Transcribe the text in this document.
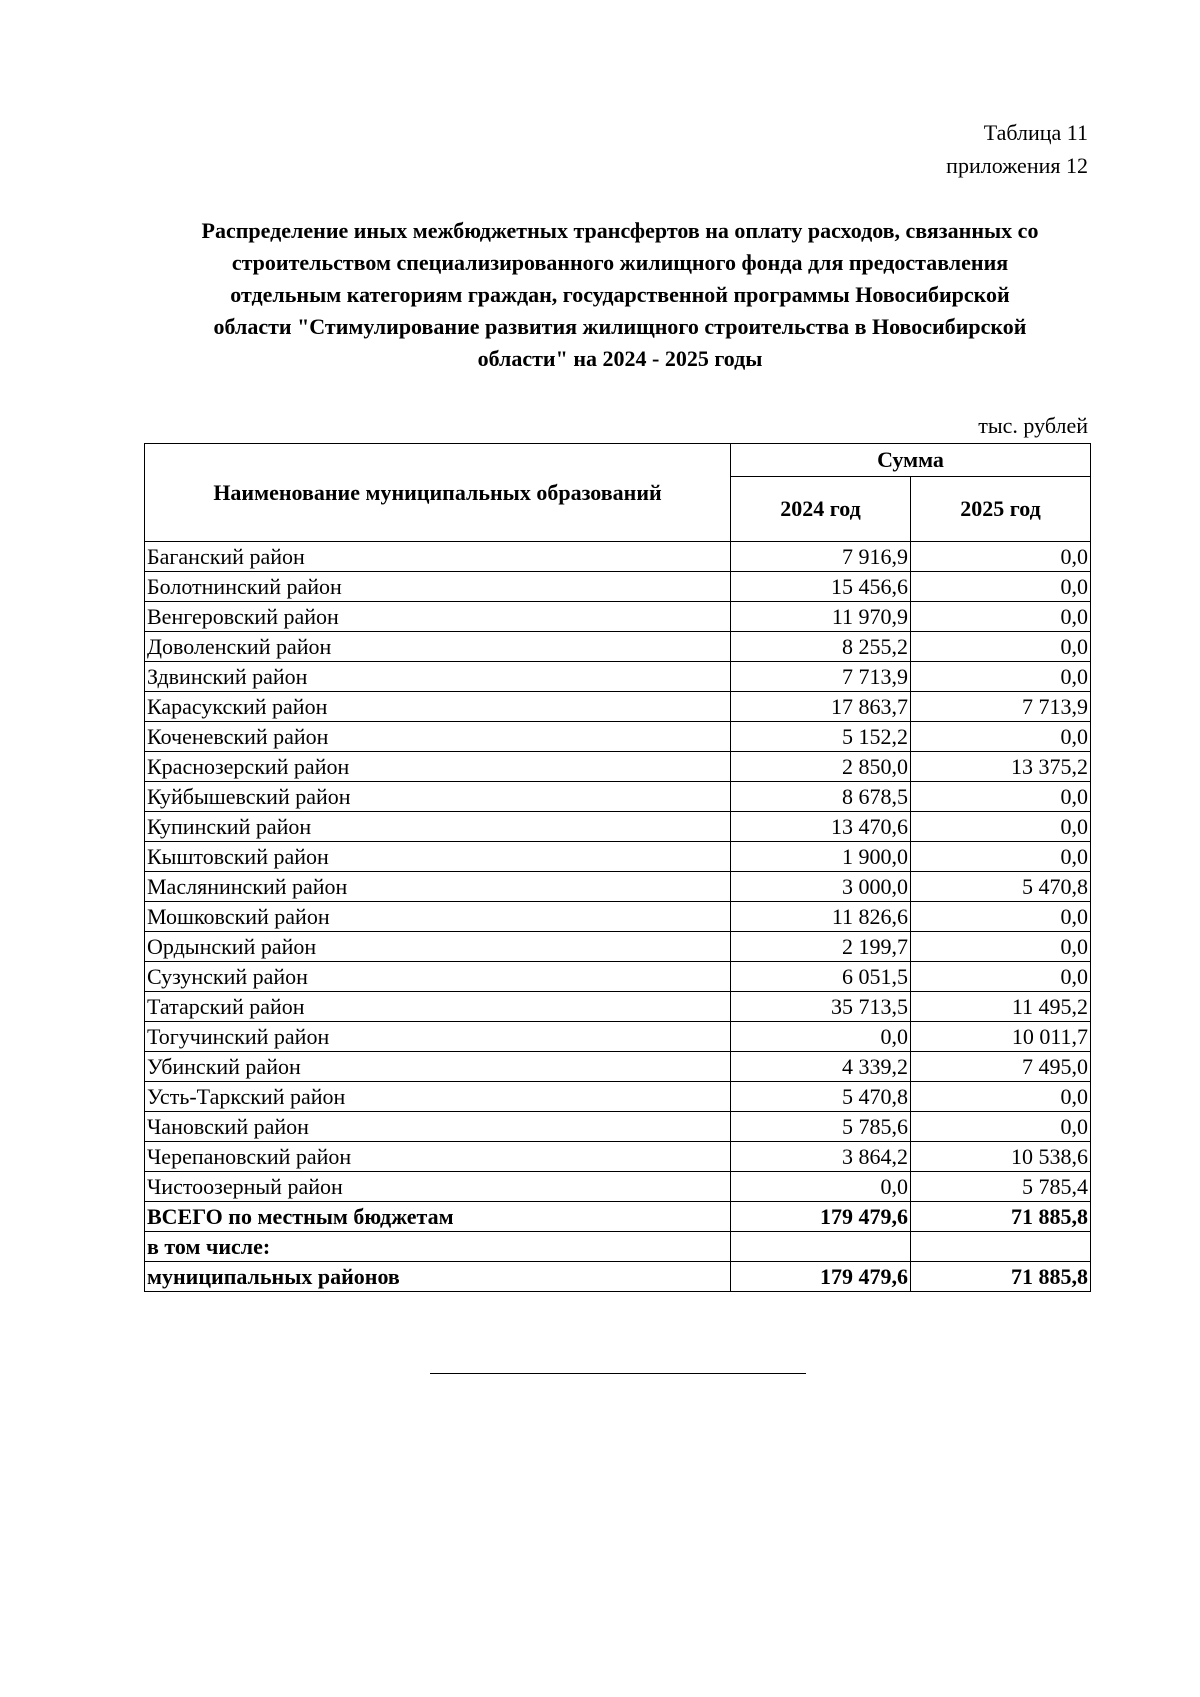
Таблица 11
приложения 12
Распределение иных межбюджетных трансфертов на оплату расходов, связанных со
строительством специализированного жилищного фонда для предоставления
отдельным категориям граждан, государственной программы Новосибирской
области "Стимулирование развития жилищного строительства в Новосибирской
области" на 2024 - 2025 годы
тыс. рублей
Наименование муниципальных образований	Сумма	
	2024 год	2025 год
Баганский район	7 916,9	0,0
Болотнинский район	15 456,6	0,0
Венгеровский район	11 970,9	0,0
Доволенский район	8 255,2	0,0
Здвинский район	7 713,9	0,0
Карасукский район	17 863,7	7 713,9
Коченевский район	5 152,2	0,0
Краснозерский район	2 850,0	13 375,2
Куйбышевский район	8 678,5	0,0
Купинский район	13 470,6	0,0
Кыштовский район	1 900,0	0,0
Маслянинский район	3 000,0	5 470,8
Мошковский район	11 826,6	0,0
Ордынский район	2 199,7	0,0
Сузунский район	6 051,5	0,0
Татарский район	35 713,5	11 495,2
Тогучинский район	0,0	10 011,7
Убинский район	4 339,2	7 495,0
Усть-Таркский район	5 470,8	0,0
Чановский район	5 785,6	0,0
Черепановский район	3 864,2	10 538,6
Чистоозерный район	0,0	5 785,4
ВСЕГО по местным бюджетам	179 479,6	71 885,8
в том числе:		
муниципальных районов	179 479,6	71 885,8
